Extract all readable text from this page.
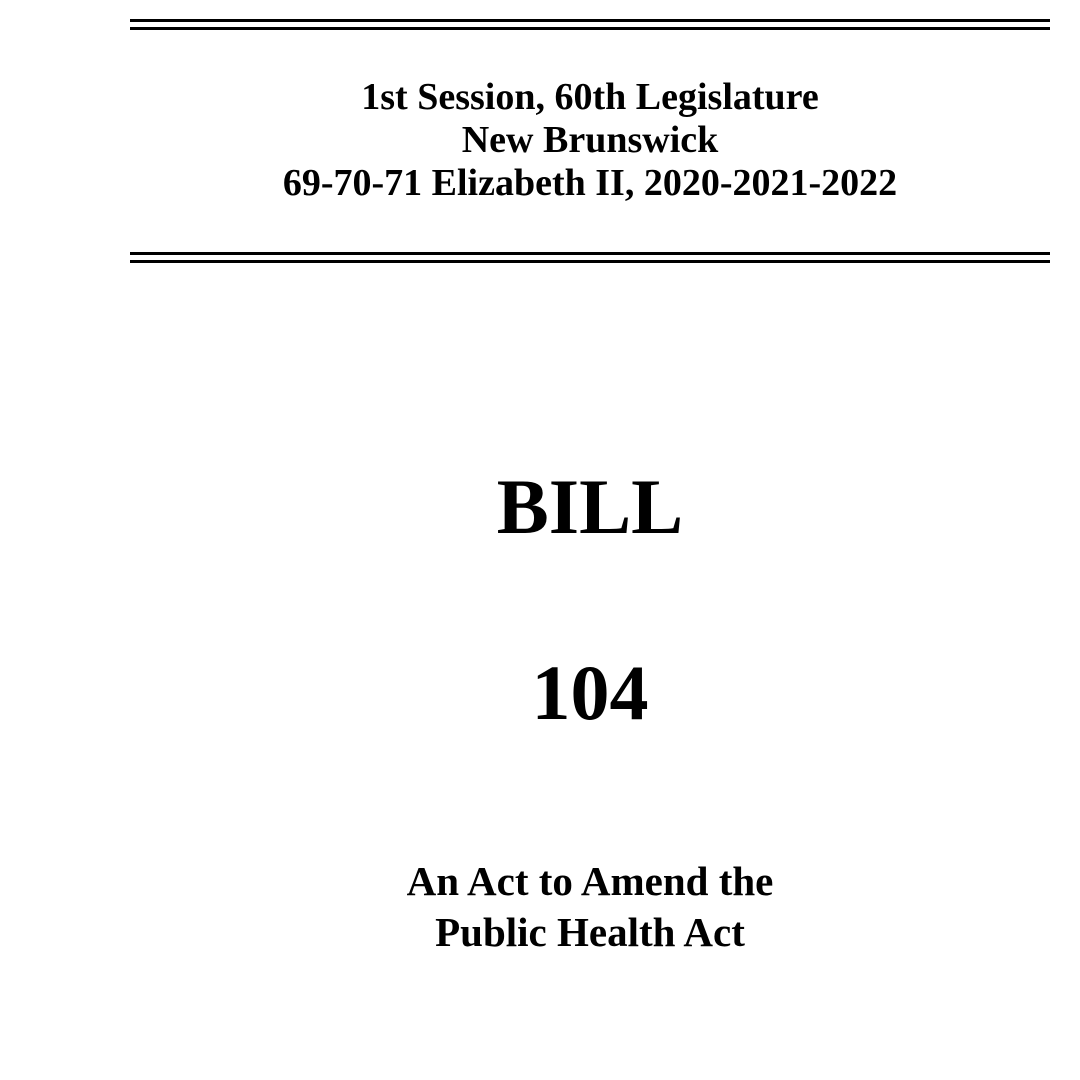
1st Session, 60th Legislature
New Brunswick
69-70-71 Elizabeth II, 2020-2021-2022
BILL
104
An Act to Amend the
Public Health Act
